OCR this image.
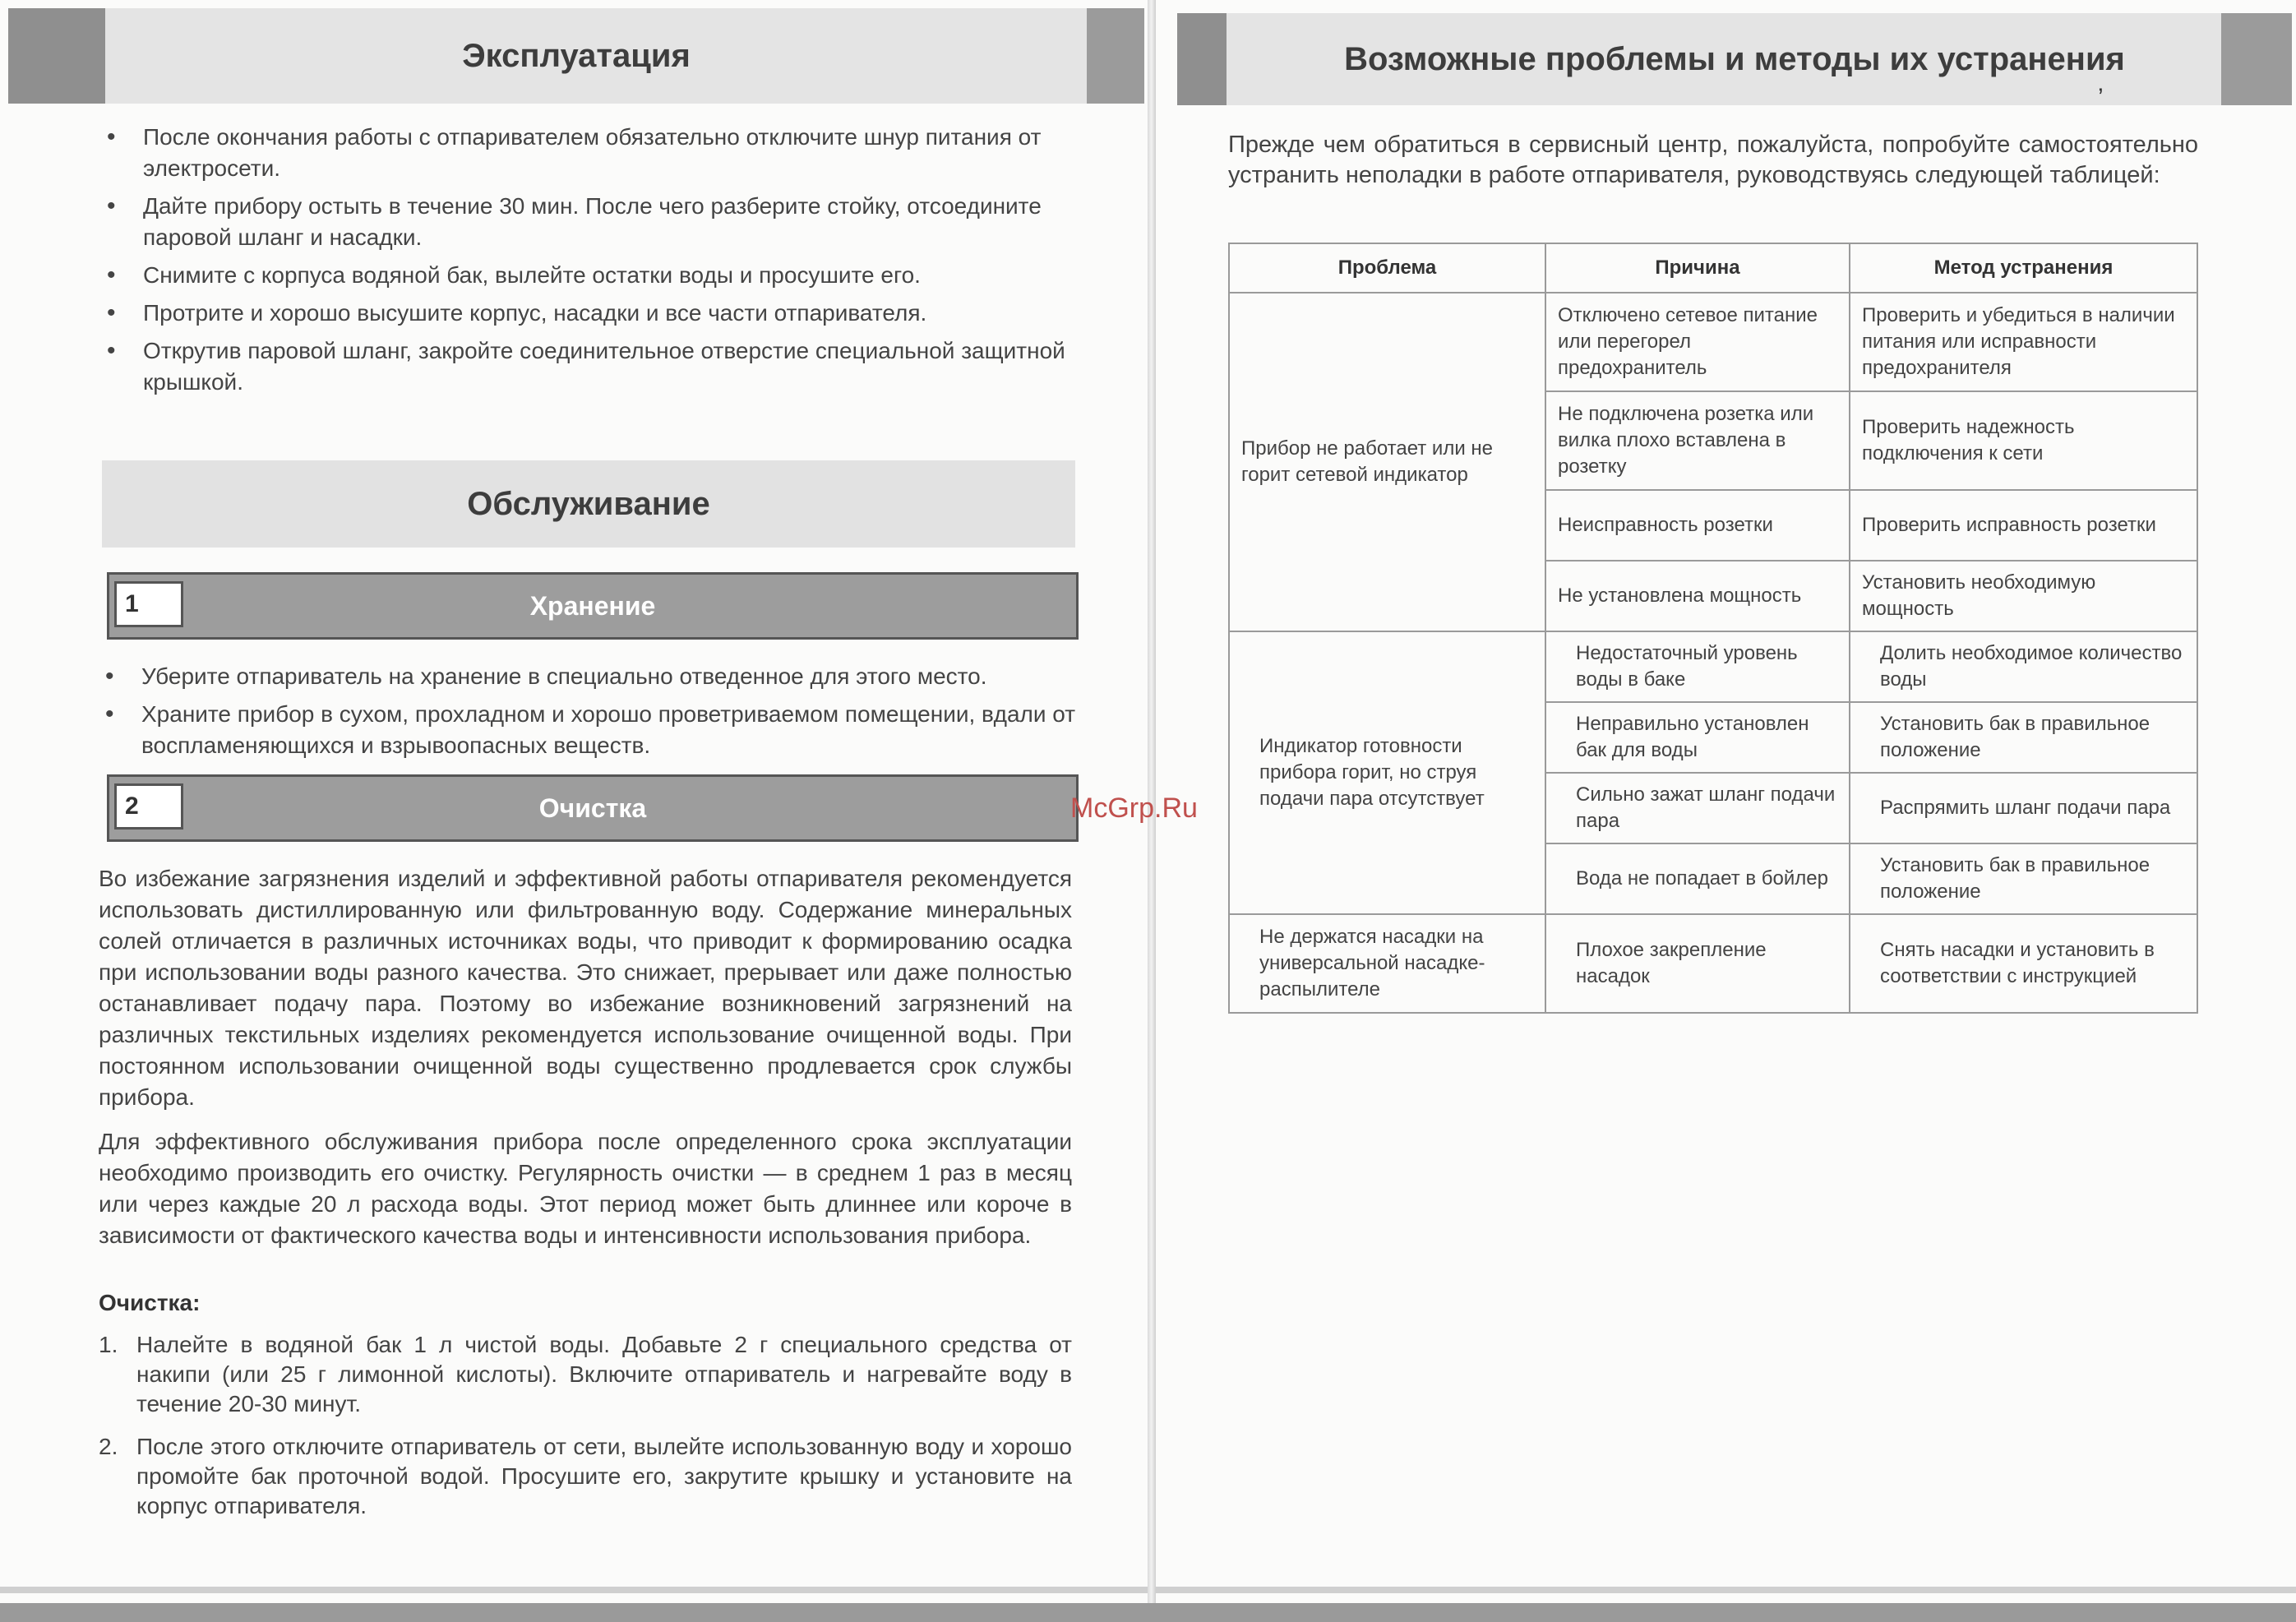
Эксплуатация
• После окончания работы с отпаривателем обязательно отключите шнур питания от электросети.
• Дайте прибору остыть в течение 30 мин. После чего разберите стойку, отсоедините паровой шланг и насадки.
• Снимите с корпуса водяной бак, вылейте остатки воды и просушите его.
• Протрите и хорошо высушите корпус, насадки и все части отпаривателя.
• Открутив паровой шланг, закройте соединительное отверстие специальной защитной крышкой.
Обслуживание
Хранение
1
• Уберите отпариватель на хранение в специально отведенное для этого место.
• Храните прибор в сухом, прохладном и хорошо проветриваемом помещении, вдали от воспламеняющихся и взрывоопасных веществ.
Очистка
2

Во избежание загрязнения изделий и эффективной работы отпаривателя рекомендуется использовать дистиллированную или фильтрованную воду. Содержание минеральных солей отличается в различных источниках воды, что приводит к формированию осадка при использовании воды разного качества. Это снижает, прерывает или даже полностью останавливает подачу пара. Поэтому во избежание возникновений загрязнений на различных текстильных изделиях рекомендуется использование очищенной воды. При постоянном использовании очищенной воды существенно продлевается срок службы прибора.

Для эффективного обслуживания прибора после определенного срока эксплуатации необходимо производить его очистку. Регулярность очистки — в среднем 1 раз в месяц или через каждые 20 л расхода воды. Этот период может быть длиннее или короче в зависимости от фактического качества воды и интенсивности использования прибора.

Очистка:
1. Налейте в водяной бак 1 л чистой воды. Добавьте 2 г специального средства от накипи (или 25 г лимонной кислоты). Включите отпариватель и нагревайте воду в течение 20-30 минут.
2. После этого отключите отпариватель от сети, вылейте использованную воду и хорошо промойте бак проточной водой. Просушите его, закрутите крышку и установите на корпус отпаривателя.
Возможные проблемы и методы их устранения
’

Прежде чем обратиться в сервисный центр, пожалуйста, попробуйте самостоятельно устранить неполадки в работе отпаривателя, руководствуясь следующей таблицей:

Проблема	Причина	Метод устранения
Прибор не работает или не горит сетевой индикатор	Отключено сетевое питание или перегорел предохранитель	Проверить и убедиться в наличии питания или исправности предохранителя
	Не подключена розетка или вилка плохо вставлена в розетку	Проверить надежность подключения к сети
	Неисправность розетки	Проверить исправность розетки
	Не установлена мощность	Установить необходимую мощность
Индикатор готовности прибора горит, но струя подачи пара отсутствует	Недостаточный уровень воды в баке	Долить необходимое количество воды
	Неправильно установлен бак для воды	Установить бак в правильное положение
	Сильно зажат шланг подачи пара	Распрямить шланг подачи пара
	Вода не попадает в бойлер	Установить бак в правильное положение
Не держатся насадки на универсальной насадке-распылителе	Плохое закрепление насадок	Снять насадки и установить в соответствии с инструкцией
McGrp.Ru
